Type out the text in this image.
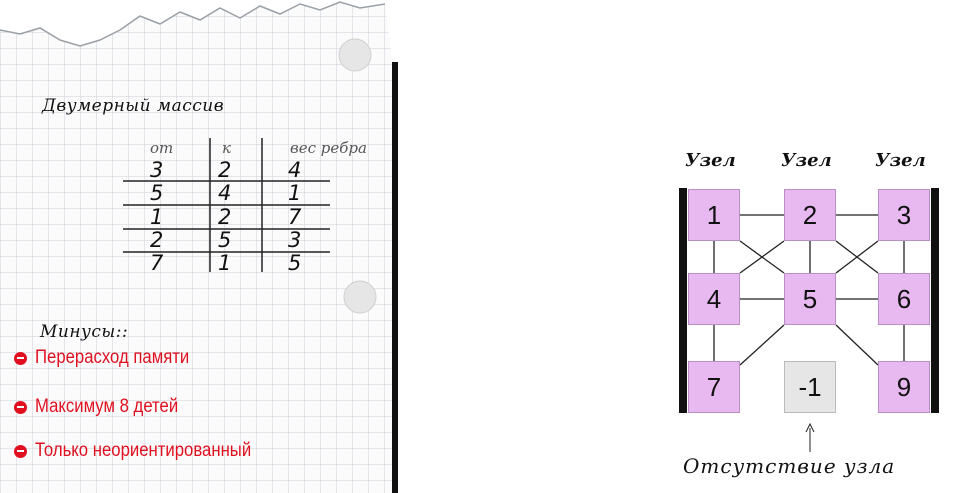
Двумерный массив
от	к	вес ребра
3	2	4
5	4	1
1	2	7
2	5	3
7	1	5
Минусы::
Перерасход памяти
Максимум 8 детей
Только неориентированный
Узел	Узел Узел
1	2	3
4	5	6
7	-1	9
Отсутствие узла
